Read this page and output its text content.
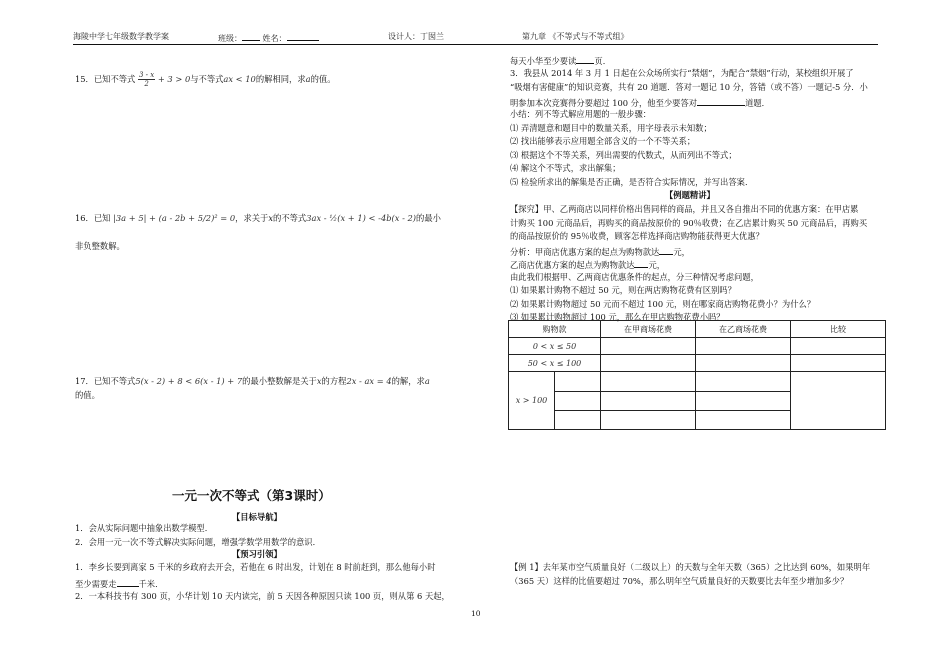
海陵中学七年级数学教学案	班级：	姓名：	设计人：丁囡兰	第九章 《不等式与不等式组》
15．已知不等式 $\frac{3 - x}{2} + 3 > 0$与不等式ax < 10的解相同，求a的值。
16．已知 |3a + 5| + (a - 2b + 5/2)² = 0，求关于x的不等式3ax - ½(x + 1) < -4b(x - 2)的最小
非负整数解。
17．已知不等式5(x - 2) + 8 < 6(x - 1) + 7的最小整数解是关于x的方程2x - ax = 4的解，求a
的值。
一元一次不等式（第3课时）
【目标导航】
1．会从实际问题中抽象出数学模型．
2．会用一元一次不等式解决实际问题，增强学数学用数学的意识．
【预习引领】
1．李乡长要到离家 5 千米的乡政府去开会，若他在 6 时出发，计划在 8 时前赶到，那么他每小时
至少需要走	千米．
2．一本科技书有 300 页，小华计划 10 天内读完，前 5 天因各种原因只读 100 页，则从第 6 天起，
每天小华至少要读 页．
3．我县从 2014 年 3 月 1 日起在公众场所实行“禁烟”，为配合“禁烟”行动，某校组织开展了
“吸烟有害健康”的知识竞赛，共有 20 道题．答对一题记 10 分，答错（或不答）一题记-5 分．小
明参加本次竞赛得分要超过 100 分，他至少要答对	道题．
小结：列不等式解应用题的一般步骤：
⑴ 弄清题意和题目中的数量关系，用字母表示未知数；
⑵ 找出能够表示应用题全部含义的一个不等关系；
⑶ 根据这个不等关系，列出需要的代数式，从而列出不等式；
⑷ 解这个不等式，求出解集；
⑸ 检验所求出的解集是否正确，是否符合实际情况，并写出答案．
【例题精讲】
【探究】甲、乙两商店以同样价格出售同样的商品，并且又各自推出不同的优惠方案：在甲店累
计购买 100 元商品后，再购买的商品按原价的 90％收费；在乙店累计购买 50 元商品后，再购买
的商品按原价的 95％收费，顾客怎样选择商店购物能获得更大优惠？
分析：甲商店优惠方案的起点为购物款达 元，
乙商店优惠方案的起点为购物款达 元，
由此我们根据甲、乙两商店优惠条件的起点，分三种情况考虑问题，
⑴ 如果累计购物不超过 50 元，则在两店购物花费有区别吗？
⑵ 如果累计购物超过 50 元而不超过 100 元，则在哪家商店购物花费小？为什么？
⑶ 如果累计购物超过 100 元，那么在甲店购物花费小吗？
购物款		在甲商场花费	在乙商场花费	比较
0 < x ≤ 50				
50 < x ≤ 100				
x > 100				

【例 1】去年某市空气质量良好（二级以上）的天数与全年天数（365）之比达到 60%，如果明年
（365 天）这样的比值要超过 70%，那么明年空气质量良好的天数要比去年至少增加多少？
10
